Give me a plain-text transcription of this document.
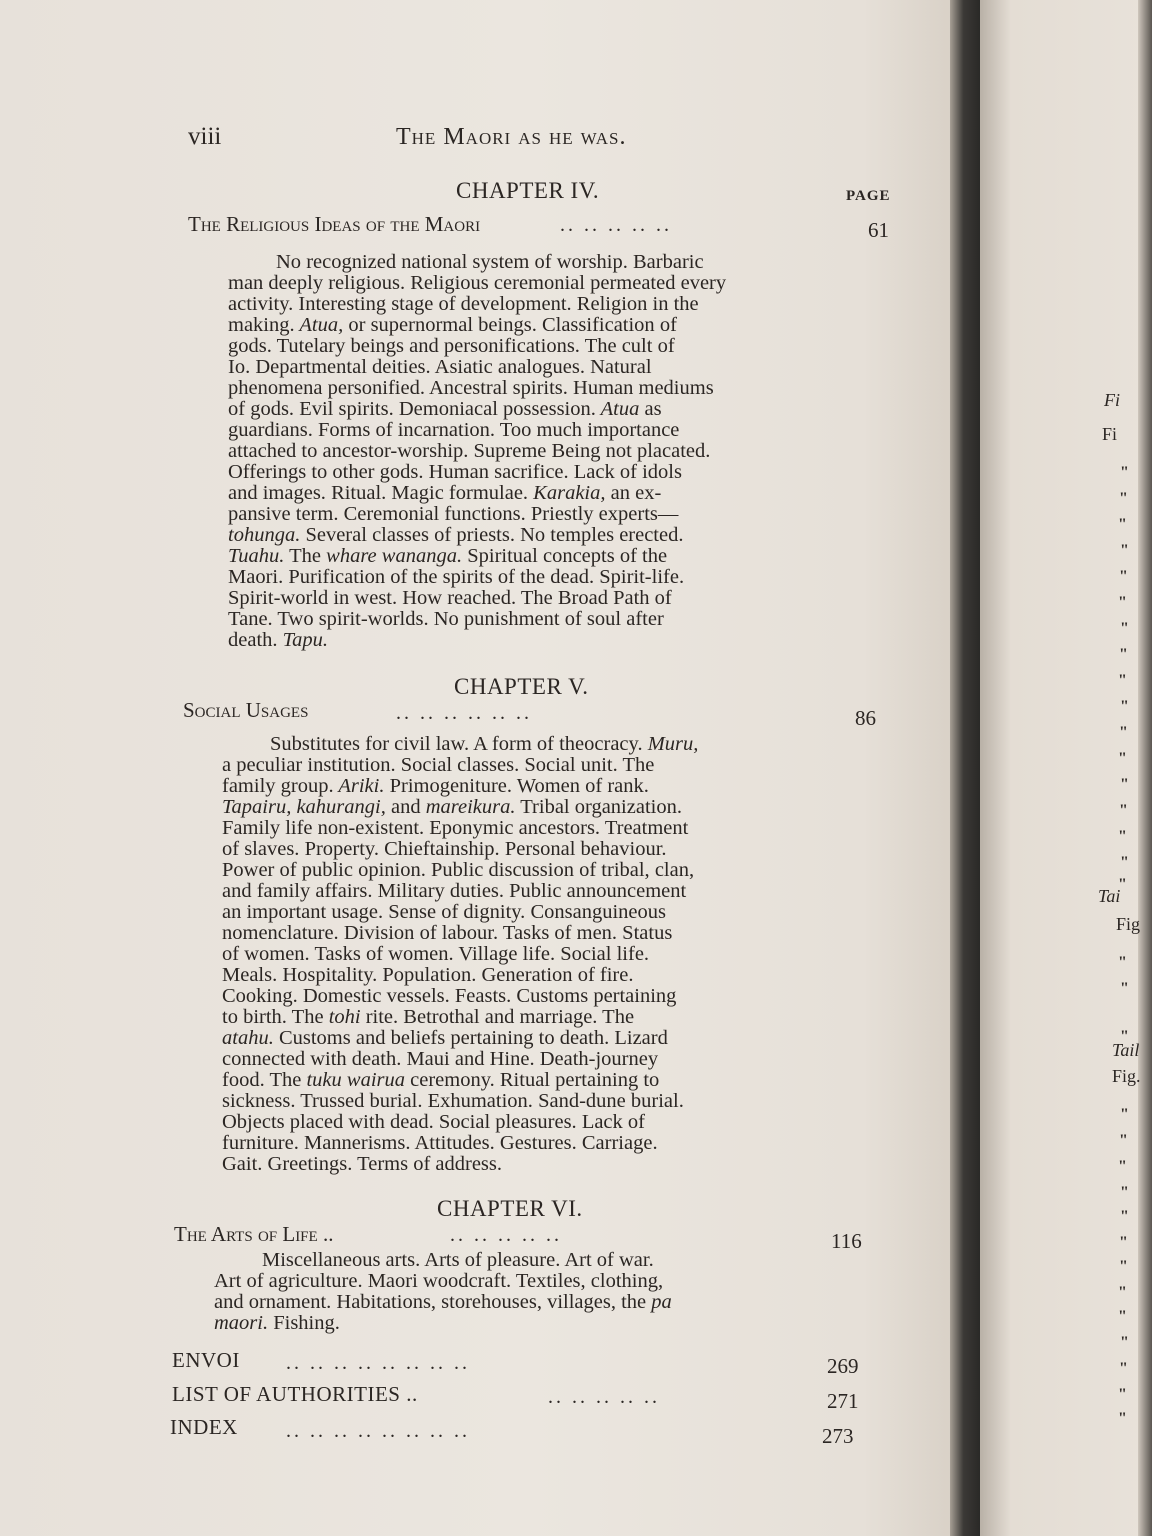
viii	The Maori as he was.
CHAPTER IV.	PAGE
The Religious Ideas of the Maori	.. .. .. .. ..	61
No recognized national system of worship. Barbaric
man deeply religious. Religious ceremonial permeated every
activity. Interesting stage of development. Religion in the
making. Atua, or supernormal beings. Classification of
gods. Tutelary beings and personifications. The cult of
Io. Departmental deities. Asiatic analogues. Natural
phenomena personified. Ancestral spirits. Human mediums
of gods. Evil spirits. Demoniacal possession. Atua as
guardians. Forms of incarnation. Too much importance
attached to ancestor-worship. Supreme Being not placated.
Offerings to other gods. Human sacrifice. Lack of idols
and images. Ritual. Magic formulae. Karakia, an ex-
pansive term. Ceremonial functions. Priestly experts—
tohunga. Several classes of priests. No temples erected.
Tuahu. The whare wananga. Spiritual concepts of the
Maori. Purification of the spirits of the dead. Spirit-life.
Spirit-world in west. How reached. The Broad Path of
Tane. Two spirit-worlds. No punishment of soul after
death. Tapu.
CHAPTER V.
Social Usages	.. .. .. .. .. ..	86
Substitutes for civil law. A form of theocracy. Muru,
a peculiar institution. Social classes. Social unit. The
family group. Ariki. Primogeniture. Women of rank.
Tapairu, kahurangi, and mareikura. Tribal organization.
Family life non-existent. Eponymic ancestors. Treatment
of slaves. Property. Chieftainship. Personal behaviour.
Power of public opinion. Public discussion of tribal, clan,
and family affairs. Military duties. Public announcement
an important usage. Sense of dignity. Consanguineous
nomenclature. Division of labour. Tasks of men. Status
of women. Tasks of women. Village life. Social life.
Meals. Hospitality. Population. Generation of fire.
Cooking. Domestic vessels. Feasts. Customs pertaining
to birth. The tohi rite. Betrothal and marriage. The
atahu. Customs and beliefs pertaining to death. Lizard
connected with death. Maui and Hine. Death-journey
food. The tuku wairua ceremony. Ritual pertaining to
sickness. Trussed burial. Exhumation. Sand-dune burial.
Objects placed with dead. Social pleasures. Lack of
furniture. Mannerisms. Attitudes. Gestures. Carriage.
Gait. Greetings. Terms of address.
CHAPTER VI.
The Arts of Life ..	.. .. .. .. ..	116
Miscellaneous arts. Arts of pleasure. Art of war.
Art of agriculture. Maori woodcraft. Textiles, clothing,
and ornament. Habitations, storehouses, villages, the pa
maori. Fishing.
ENVOI .. .. .. .. .. .. .. ..	269
LIST OF AUTHORITIES ..	.. .. .. .. ..	271
INDEX .. .. .. .. .. .. .. ..	273
Fi
Fi
Tai
Fig
Tail
Fig.
"
"
"
"
"
"
"
"
"
"
"
"
"
"
"
"
"
"
"
"
"
"
"
"
"
"
"
"
"
"
"
"
"
